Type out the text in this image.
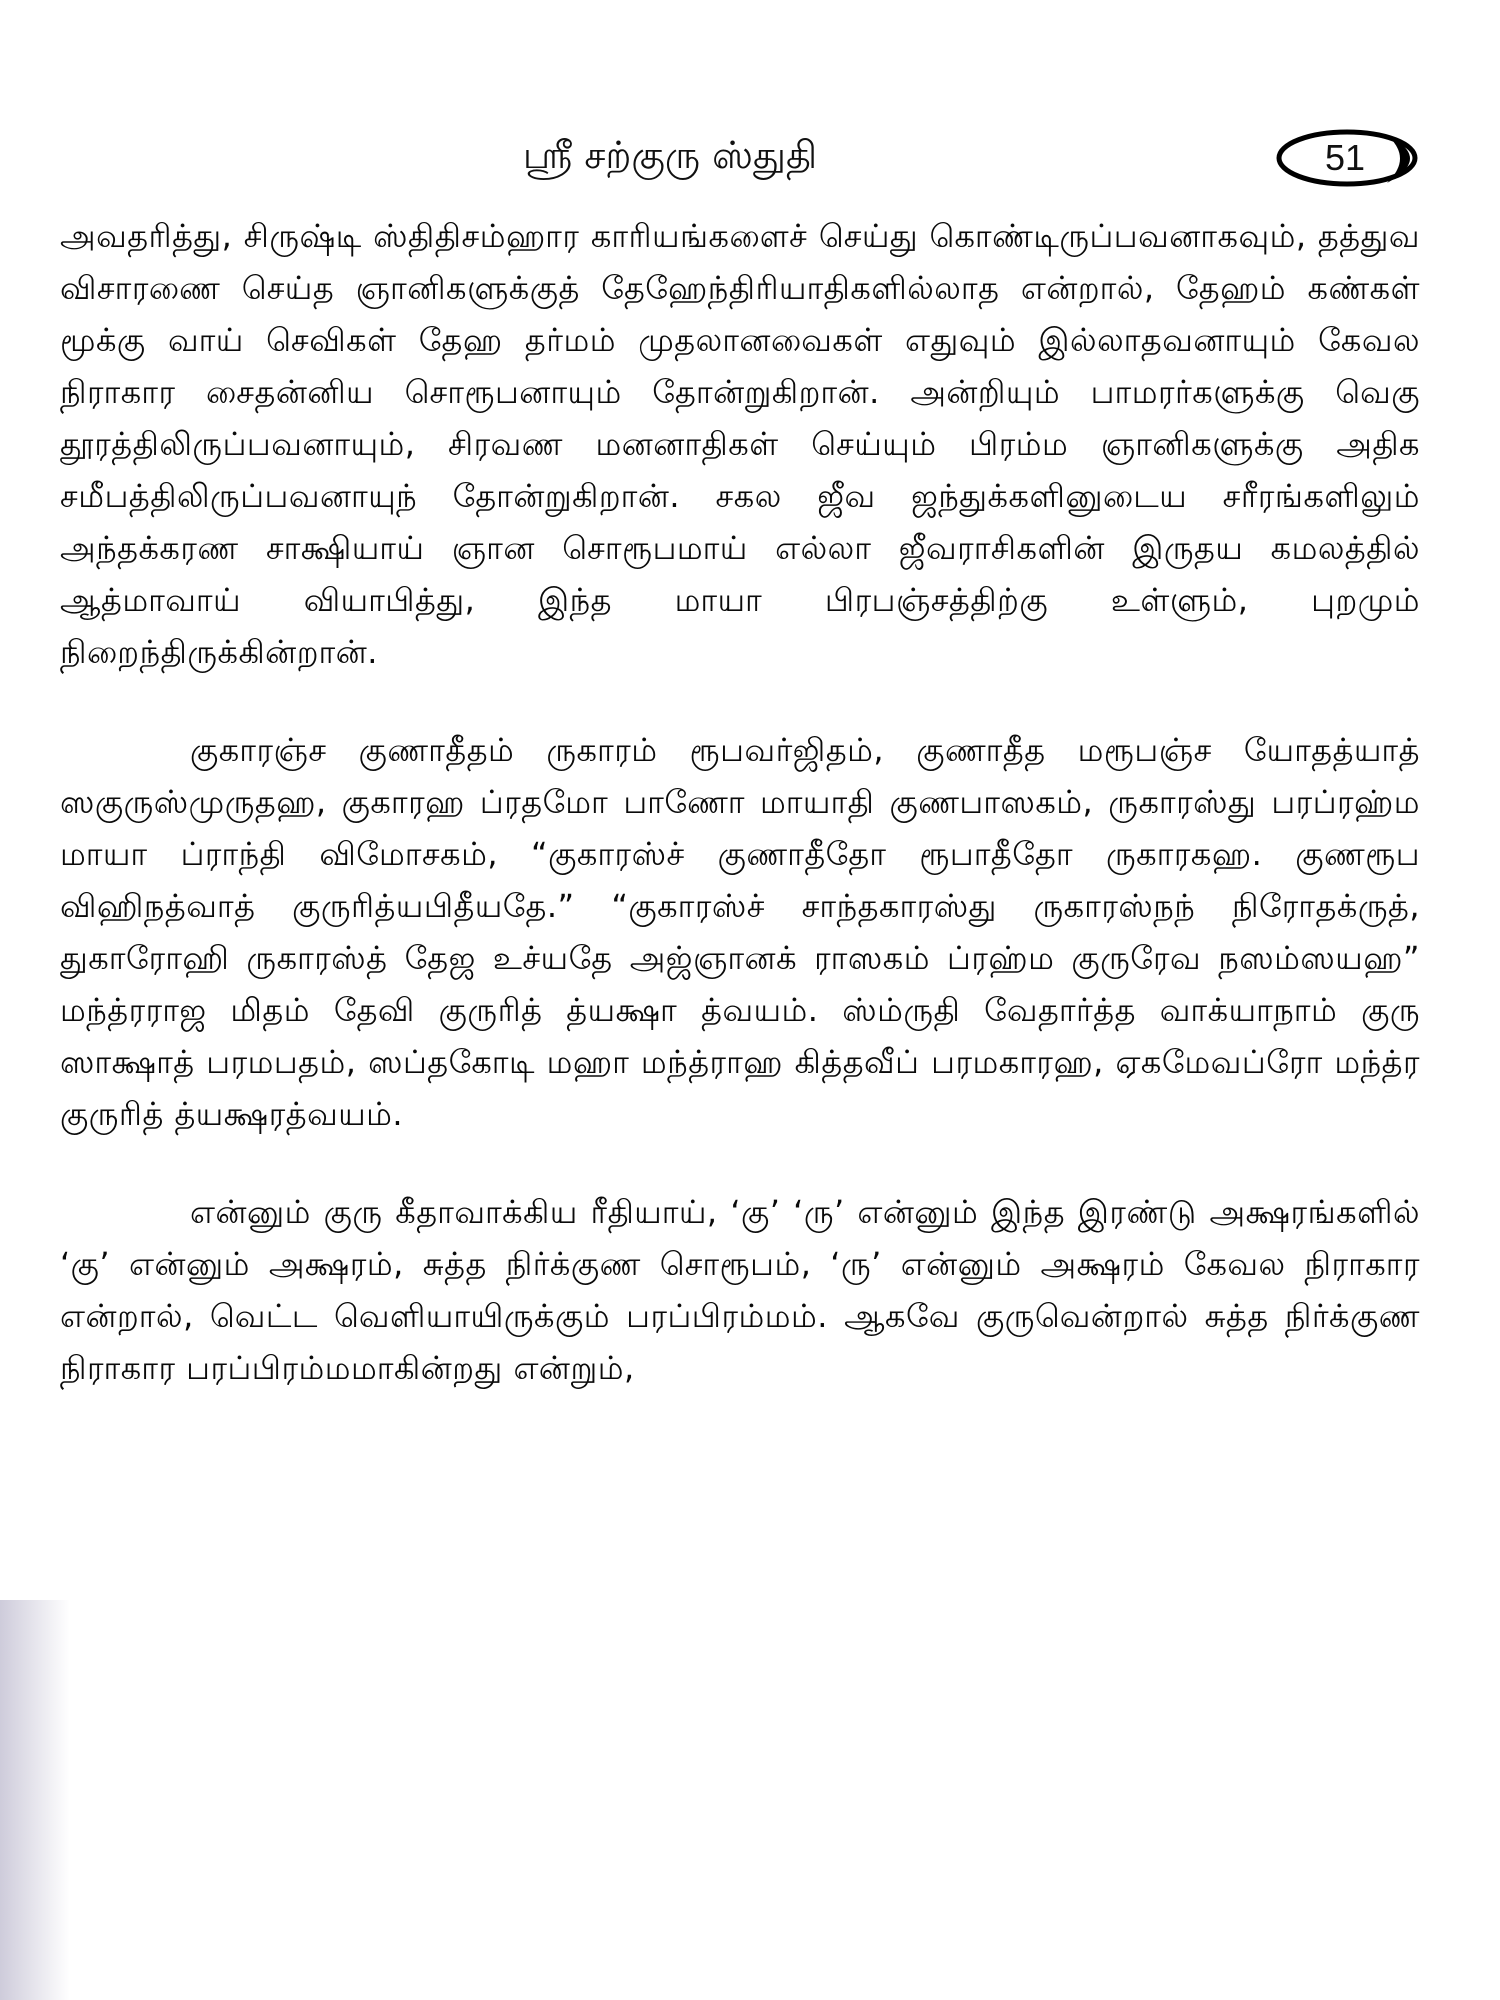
ஸ்ரீ சற்குரு ஸ்துதி	51

அவதரித்து, சிருஷ்டி ஸ்திதிசம்ஹார காரியங்களைச் செய்து கொண்டிருப்பவனாகவும், தத்துவ விசாரணை செய்த ஞானிகளுக்குத் தேஹேந்திரியாதிகளில்லாத என்றால், தேஹம் கண்கள் மூக்கு வாய் செவிகள் தேஹ தர்மம் முதலானவைகள் எதுவும் இல்லாதவனாயும் கேவல நிராகார சைதன்னிய சொரூபனாயும் தோன்றுகிறான். அன்றியும் பாமரர்களுக்கு வெகு தூரத்திலிருப்பவனாயும், சிரவண மனனாதிகள் செய்யும் பிரம்ம ஞானிகளுக்கு அதிக சமீபத்திலிருப்பவனாயுந் தோன்றுகிறான். சகல ஜீவ ஜந்துக்களினுடைய சரீரங்களிலும் அந்தக்கரண சாக்ஷியாய் ஞான சொரூபமாய் எல்லா ஜீவராசிகளின் இருதய கமலத்தில் ஆத்மாவாய் வியாபித்து, இந்த மாயா பிரபஞ்சத்திற்கு உள்ளும், புறமும் நிறைந்திருக்கின்றான்.

குகாரஞ்ச குணாதீதம் ருகாரம் ரூபவர்ஜிதம், குணாதீத மரூபஞ்ச யோதத்யாத் ஸகுருஸ்முருதஹ, குகாரஹ ப்ரதமோ பாணோ மாயாதி குணபாஸகம், ருகாரஸ்து பரப்ரஹ்ம மாயா ப்ராந்தி விமோசகம், “குகாரஸ்ச் குணாதீதோ ரூபாதீதோ ருகாரகஹ. குணரூப விஹிநத்வாத் குருரித்யபிதீயதே.” “குகாரஸ்ச் சாந்தகாரஸ்து ருகாரஸ்நந் நிரோதக்ருத், துகாரோஹி ருகாரஸ்த் தேஜ உச்யதே அஜ்ஞானக் ராஸகம் ப்ரஹ்ம குருரேவ நஸம்ஸயஹ” மந்த்ரராஜ மிதம் தேவி குருரித் த்யக்ஷா த்வயம். ஸ்ம்ருதி வேதார்த்த வாக்யாநாம் குரு ஸாக்ஷாத் பரமபதம், ஸப்தகோடி மஹா மந்த்ராஹ கித்தவீப் பரமகாரஹ, ஏகமேவப்ரோ மந்த்ர குருரித் த்யக்ஷரத்வயம்.

என்னும் குரு கீதாவாக்கிய ரீதியாய், ‘கு’ ‘ரு’ என்னும் இந்த இரண்டு அக்ஷரங்களில் ‘கு’ என்னும் அக்ஷரம், சுத்த நிர்க்குண சொரூபம், ‘ரு’ என்னும் அக்ஷரம் கேவல நிராகார என்றால், வெட்ட வெளியாயிருக்கும் பரப்பிரம்மம். ஆகவே குருவென்றால் சுத்த நிர்க்குண நிராகார பரப்பிரம்மமாகின்றது என்றும்,
